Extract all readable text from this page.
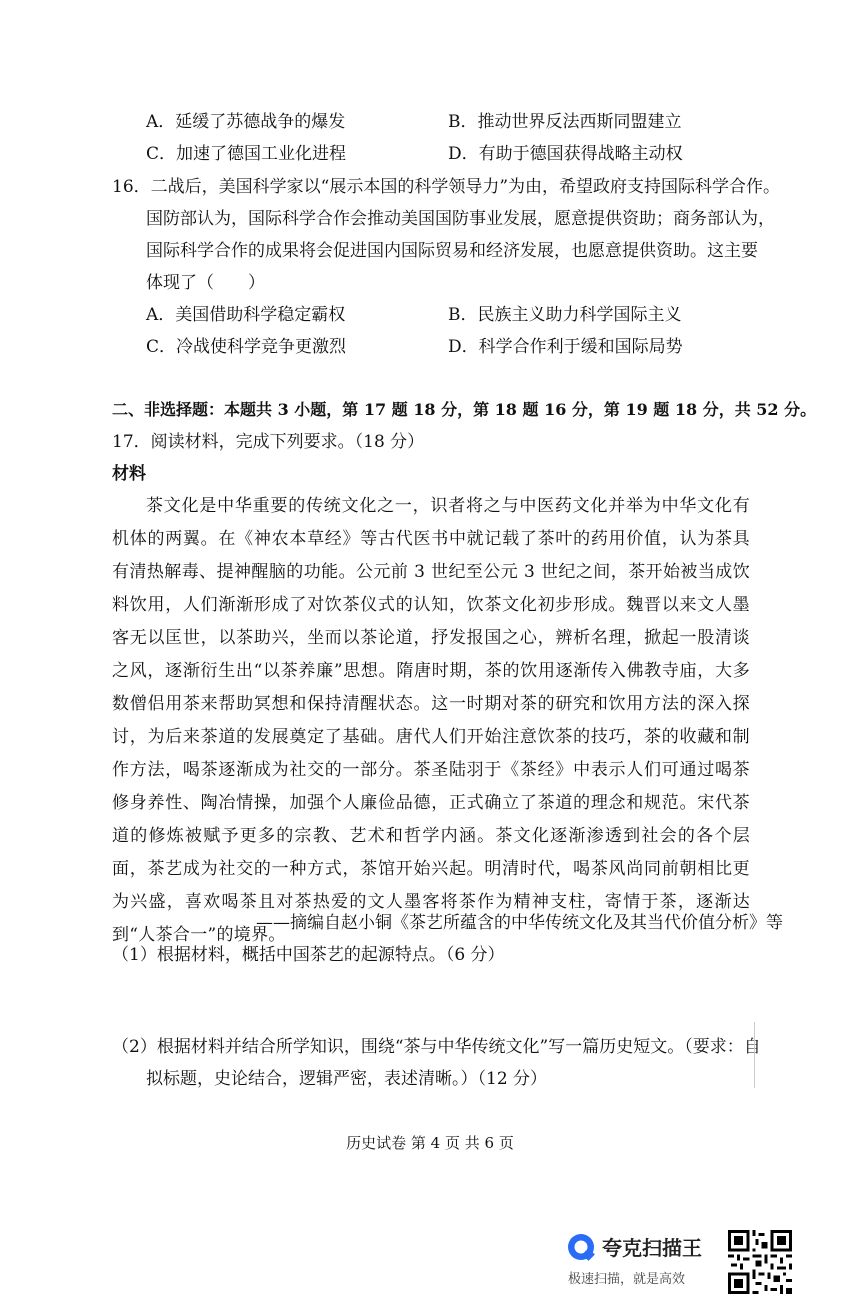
A．延缓了苏德战争的爆发	B．推动世界反法西斯同盟建立
C．加速了德国工业化进程	D．有助于德国获得战略主动权
16．二战后，美国科学家以“展示本国的科学领导力”为由，希望政府支持国际科学合作。
国防部认为，国际科学合作会推动美国国防事业发展，愿意提供资助；商务部认为，
国际科学合作的成果将会促进国内国际贸易和经济发展，也愿意提供资助。这主要
体现了（　　）
A．美国借助科学稳定霸权	B．民族主义助力科学国际主义
C．冷战使科学竞争更激烈	D．科学合作利于缓和国际局势
二、非选择题：本题共 3 小题，第 17 题 18 分，第 18 题 16 分，第 19 题 18 分，共 52 分。
17．阅读材料，完成下列要求。（18 分）
材料

茶文化是中华重要的传统文化之一，识者将之与中医药文化并举为中华文化有机体的两翼。在《神农本草经》等古代医书中就记载了茶叶的药用价值，认为茶具有清热解毒、提神醒脑的功能。公元前 3 世纪至公元 3 世纪之间，茶开始被当成饮料饮用，人们渐渐形成了对饮茶仪式的认知，饮茶文化初步形成。魏晋以来文人墨客无以匡世，以茶助兴，坐而以茶论道，抒发报国之心，辨析名理，掀起一股清谈之风，逐渐衍生出“以茶养廉”思想。隋唐时期，茶的饮用逐渐传入佛教寺庙，大多数僧侣用茶来帮助冥想和保持清醒状态。这一时期对茶的研究和饮用方法的深入探讨，为后来茶道的发展奠定了基础。唐代人们开始注意饮茶的技巧，茶的收藏和制作方法，喝茶逐渐成为社交的一部分。茶圣陆羽于《茶经》中表示人们可通过喝茶修身养性、陶冶情操，加强个人廉俭品德，正式确立了茶道的理念和规范。宋代茶道的修炼被赋予更多的宗教、艺术和哲学内涵。茶文化逐渐渗透到社会的各个层面，茶艺成为社交的一种方式，茶馆开始兴起。明清时代，喝茶风尚同前朝相比更为兴盛，喜欢喝茶且对茶热爱的文人墨客将茶作为精神支柱，寄情于茶，逐渐达到“人茶合一”的境界。

——摘编自赵小铜《茶艺所蕴含的中华传统文化及其当代价值分析》等
（1）根据材料，概括中国茶艺的起源特点。（6 分）
（2）根据材料并结合所学知识，围绕“茶与中华传统文化”写一篇历史短文。（要求：自
拟标题，史论结合，逻辑严密，表述清晰。）（12 分）
历史试卷 第 4 页 共 6 页
夸克扫描王
极速扫描，就是高效
